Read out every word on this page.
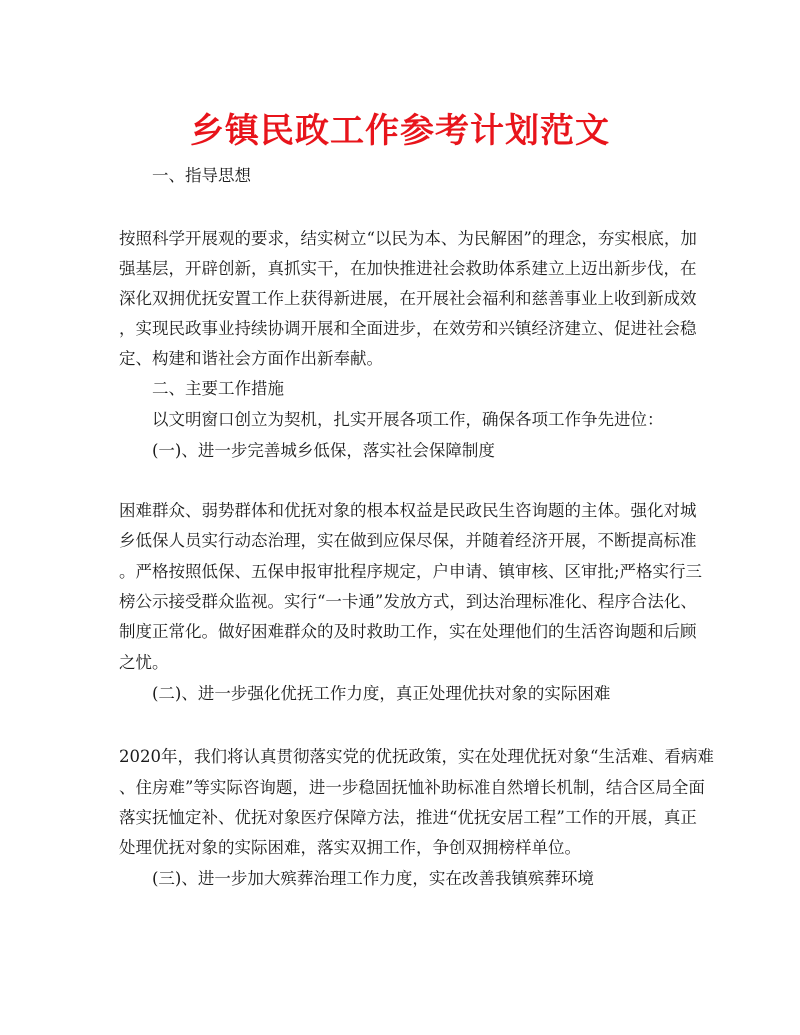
乡镇民政工作参考计划范文
一、指导思想
按照科学开展观的要求，结实树立“以民为本、为民解困”的理念，夯实根底，加
强基层，开辟创新，真抓实干，在加快推进社会救助体系建立上迈出新步伐，在
深化双拥优抚安置工作上获得新进展，在开展社会福利和慈善事业上收到新成效
，实现民政事业持续协调开展和全面进步，在效劳和兴镇经济建立、促进社会稳
定、构建和谐社会方面作出新奉献。
二、主要工作措施
以文明窗口创立为契机，扎实开展各项工作，确保各项工作争先进位：
(一)、进一步完善城乡低保，落实社会保障制度
困难群众、弱势群体和优抚对象的根本权益是民政民生咨询题的主体。强化对城
乡低保人员实行动态治理，实在做到应保尽保，并随着经济开展，不断提高标准
。严格按照低保、五保申报审批程序规定，户申请、镇审核、区审批;严格实行三
榜公示接受群众监视。实行“一卡通”发放方式，到达治理标准化、程序合法化、
制度正常化。做好困难群众的及时救助工作，实在处理他们的生活咨询题和后顾
之忧。
(二)、进一步强化优抚工作力度，真正处理优扶对象的实际困难
2020年，我们将认真贯彻落实党的优抚政策，实在处理优抚对象“生活难、看病难
、住房难”等实际咨询题，进一步稳固抚恤补助标准自然增长机制，结合区局全面
落实抚恤定补、优抚对象医疗保障方法，推进“优抚安居工程”工作的开展，真正
处理优抚对象的实际困难，落实双拥工作，争创双拥榜样单位。
(三)、进一步加大殡葬治理工作力度，实在改善我镇殡葬环境
